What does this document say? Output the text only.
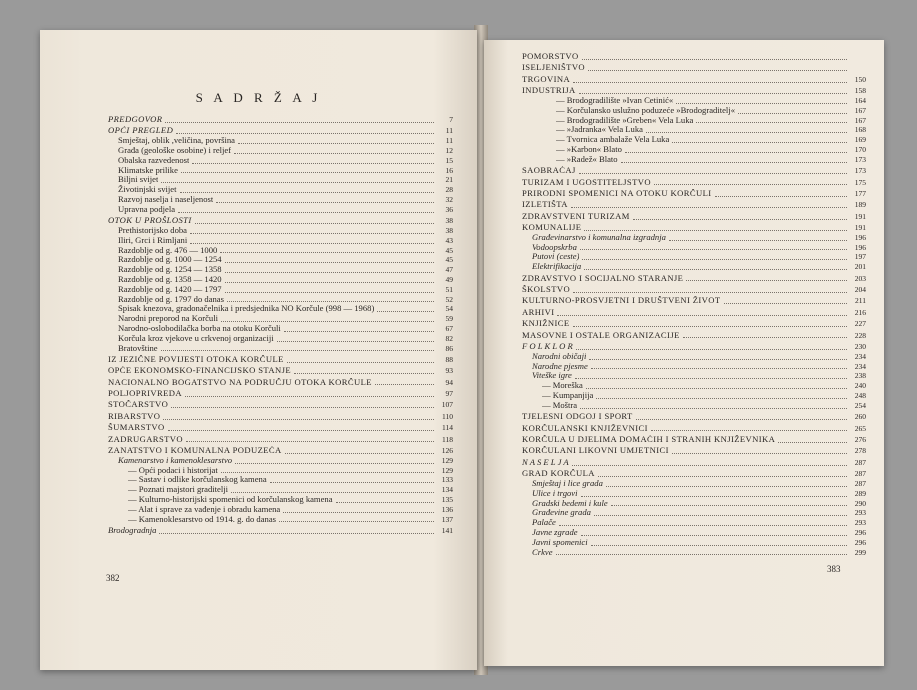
S A D R Ž A J
PREDGOVOR	7
OPĆI PREGLED	11
Smještaj, oblik ,veličina, površina	11
Građa (geološke osobine) i reljef	12
Obalska razvedenost	15
Klimatske prilike	16
Biljni svijet	21
Životinjski svijet	28
Razvoj naselja i naseljenost	32
Upravna podjela	36
OTOK U PROŠLOSTI	38
Prethistorijsko doba	38
Iliri, Grci i Rimljani	43
Razdoblje od g. 476 — 1000	45
Razdoblje od g. 1000 — 1254	45
Razdoblje od g. 1254 — 1358	47
Razdoblje od g. 1358 — 1420	49
Razdoblje od g. 1420 — 1797	51
Razdoblje od g. 1797 do danas	52
Spisak knezova, gradonačelnika i predsjednika NO Korčule (998 — 1968)	54
Narodni preporod na Korčuli	59
Narodno-oslobodilačka borba na otoku Korčuli	67
Korčula kroz vjekove u crkvenoj organizaciji	82
Bratovštine	86
IZ JEZIČNE POVIJESTI OTOKA KORČULE	88
OPĆE EKONOMSKO-FINANCIJSKO STANJE	93
NACIONALNO BOGATSTVO NA PODRUČJU OTOKA KORČULE	94
POLJOPRIVREDA	97
STOČARSTVO	107
RIBARSTVO	110
ŠUMARSTVO	114
ZADRUGARSTVO	118
ZANATSTVO I KOMUNALNA PODUZEĆA	126
Kamenarstvo i kamenoklesarstvo	129
— Opći podaci i historijat	129
— Sastav i odlike korčulanskog kamena	133
— Poznati majstori graditelji	134
— Kulturno-historijski spomenici od korčulanskog kamena	135
— Alat i sprave za vađenje i obradu kamena	136
— Kamenoklesarstvo od 1914. g. do danas	137
Brodogradnja	141
382
POMORSTVO
ISELJENIŠTVO
TRGOVINA	150
INDUSTRIJA	158
— Brodogradilište »Ivan Cetinić«	164
— Korčulansko uslužno poduzeće »Brodograditelj«	167
— Brodogradilište »Greben« Vela Luka	167
— »Jadranka« Vela Luka	168
— Tvornica ambalaže Vela Luka	169
— »Karbon« Blato	170
— »Radež« Blato	173
SAOBRAĆAJ	173
TURIZAM I UGOSTITELJSTVO	175
PRIRODNI SPOMENICI NA OTOKU KORČULI	177
IZLETIŠTA	189
ZDRAVSTVENI TURIZAM	191
KOMUNALIJE	191
Građevinarstvo i komunalna izgradnja	196
Vodoopskrba	196
Putovi (ceste)	197
Elektrifikacija	201
ZDRAVSTVO I SOCIJALNO STARANJE	203
ŠKOLSTVO	204
KULTURNO-PROSVJETNI I DRUŠTVENI ŽIVOT	211
ARHIVI	216
KNJIŽNICE	227
MASOVNE I OSTALE ORGANIZACIJE	228
F O L K L O R	230
Narodni običaji	234
Narodne pjesme	234
Viteške igre	238
— Moreška	240
— Kumpanjija	248
— Moštra	254
TJELESNI ODGOJ I SPORT	260
KORČULANSKI KNJIŽEVNICI	265
KORČULA U DJELIMA DOMAĆIH I STRANIH KNJIŽEVNIKA	276
KORČULANI LIKOVNI UMJETNICI	278
N A S E L J A	287
GRAD KORČULA	287
Smještaj i lice grada	287
Ulice i trgovi	289
Gradski bedemi i kule	290
Građevine grada	293
Palače	293
Javne zgrade	296
Javni spomenici	296
Crkve	299
383
